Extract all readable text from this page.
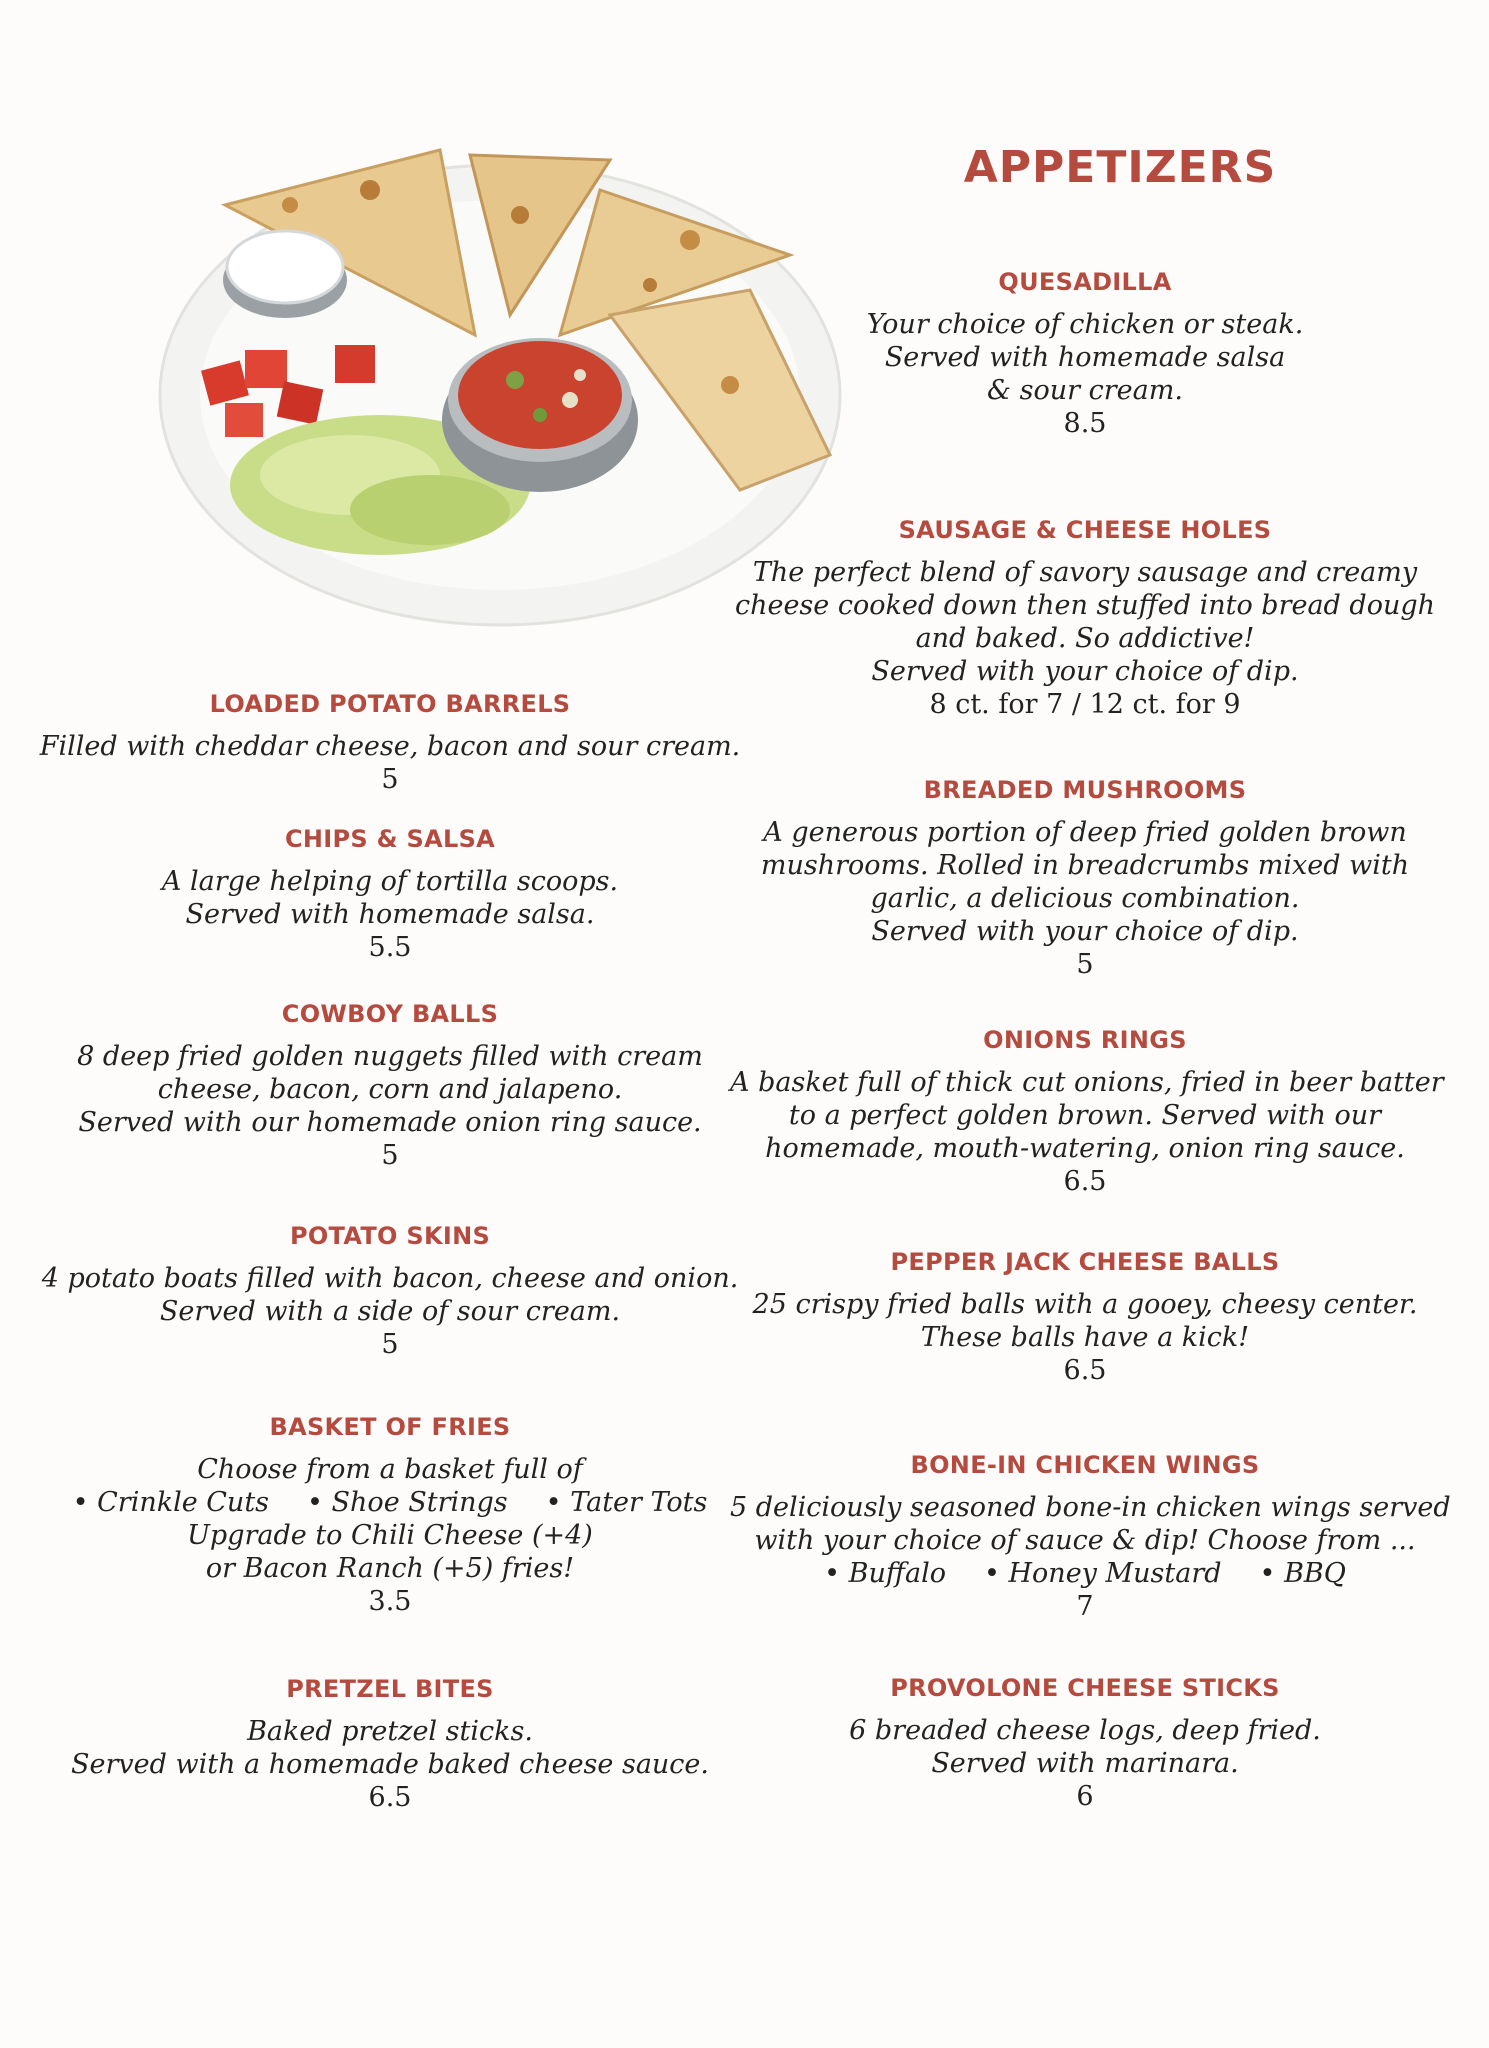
APPETIZERS
LOADED POTATO BARRELS
Filled with cheddar cheese, bacon and sour cream.
5
CHIPS & SALSA
A large helping of tortilla scoops.
Served with homemade salsa.
5.5
COWBOY BALLS
8 deep fried golden nuggets filled with cream
cheese, bacon, corn and jalapeno.
Served with our homemade onion ring sauce.
5
POTATO SKINS
4 potato boats filled with bacon, cheese and onion.
Served with a side of sour cream.
5
BASKET OF FRIES
Choose from a basket full of
• Crinkle Cuts	• Shoe Strings	• Tater Tots
Upgrade to Chili Cheese (+4)
or Bacon Ranch (+5) fries!
3.5
PRETZEL BITES
Baked pretzel sticks.
Served with a homemade baked cheese sauce.
6.5
QUESADILLA
Your choice of chicken or steak.
Served with homemade salsa
& sour cream.
8.5
SAUSAGE & CHEESE HOLES
The perfect blend of savory sausage and creamy
cheese cooked down then stuffed into bread dough
and baked. So addictive!
Served with your choice of dip.
8 ct. for 7 / 12 ct. for 9
BREADED MUSHROOMS
A generous portion of deep fried golden brown
mushrooms. Rolled in breadcrumbs mixed with
garlic, a delicious combination.
Served with your choice of dip.
5
ONIONS RINGS
A basket full of thick cut onions, fried in beer batter
to a perfect golden brown. Served with our
homemade, mouth-watering, onion ring sauce.
6.5
PEPPER JACK CHEESE BALLS
25 crispy fried balls with a gooey, cheesy center.
These balls have a kick!
6.5
BONE-IN CHICKEN WINGS
5 deliciously seasoned bone-in chicken wings served
with your choice of sauce & dip! Choose from ...
• Buffalo	• Honey Mustard	• BBQ
7
PROVOLONE CHEESE STICKS
6 breaded cheese logs, deep fried.
Served with marinara.
6
